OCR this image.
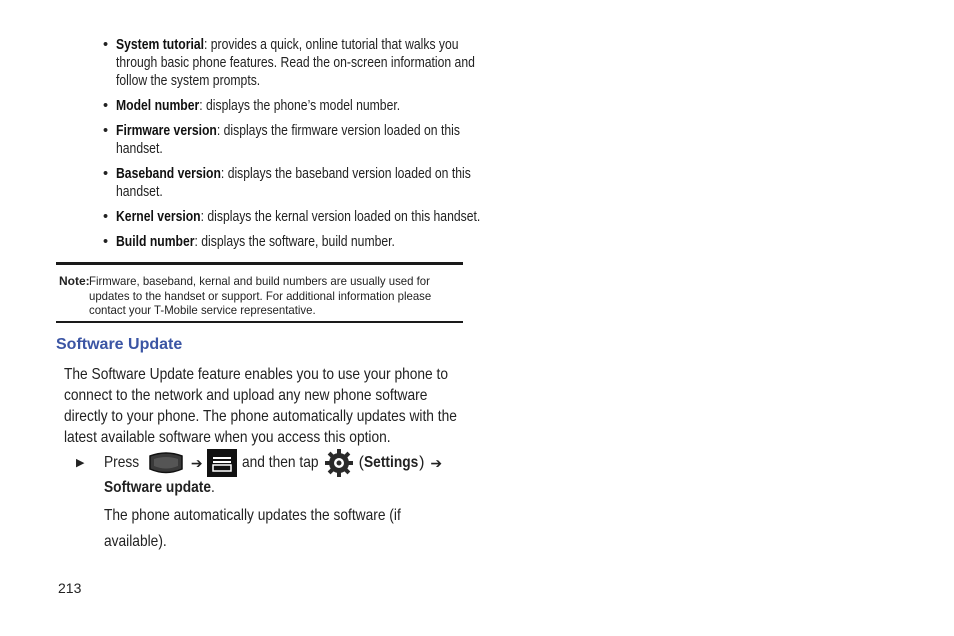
• System tutorial: provides a quick, online tutorial that walks you
through basic phone features. Read the on-screen information and
follow the system prompts.
• Model number: displays the phone’s model number.
• Firmware version: displays the firmware version loaded on this
handset.
• Baseband version: displays the baseband version loaded on this
handset.
• Kernel version: displays the kernal version loaded on this handset.
• Build number: displays the software, build number.
Note: Firmware, baseband, kernal and build numbers are usually used for
updates to the handset or support. For additional information please
contact your T-Mobile service representative.
Software Update
The Software Update feature enables you to use your phone to
connect to the network and upload any new phone software
directly to your phone. The phone automatically updates with the
latest available software when you access this option.
▶ Press	➔ and then tap	( Settings ) ➔
Software update.
The phone automatically updates the software (if
available).
213
